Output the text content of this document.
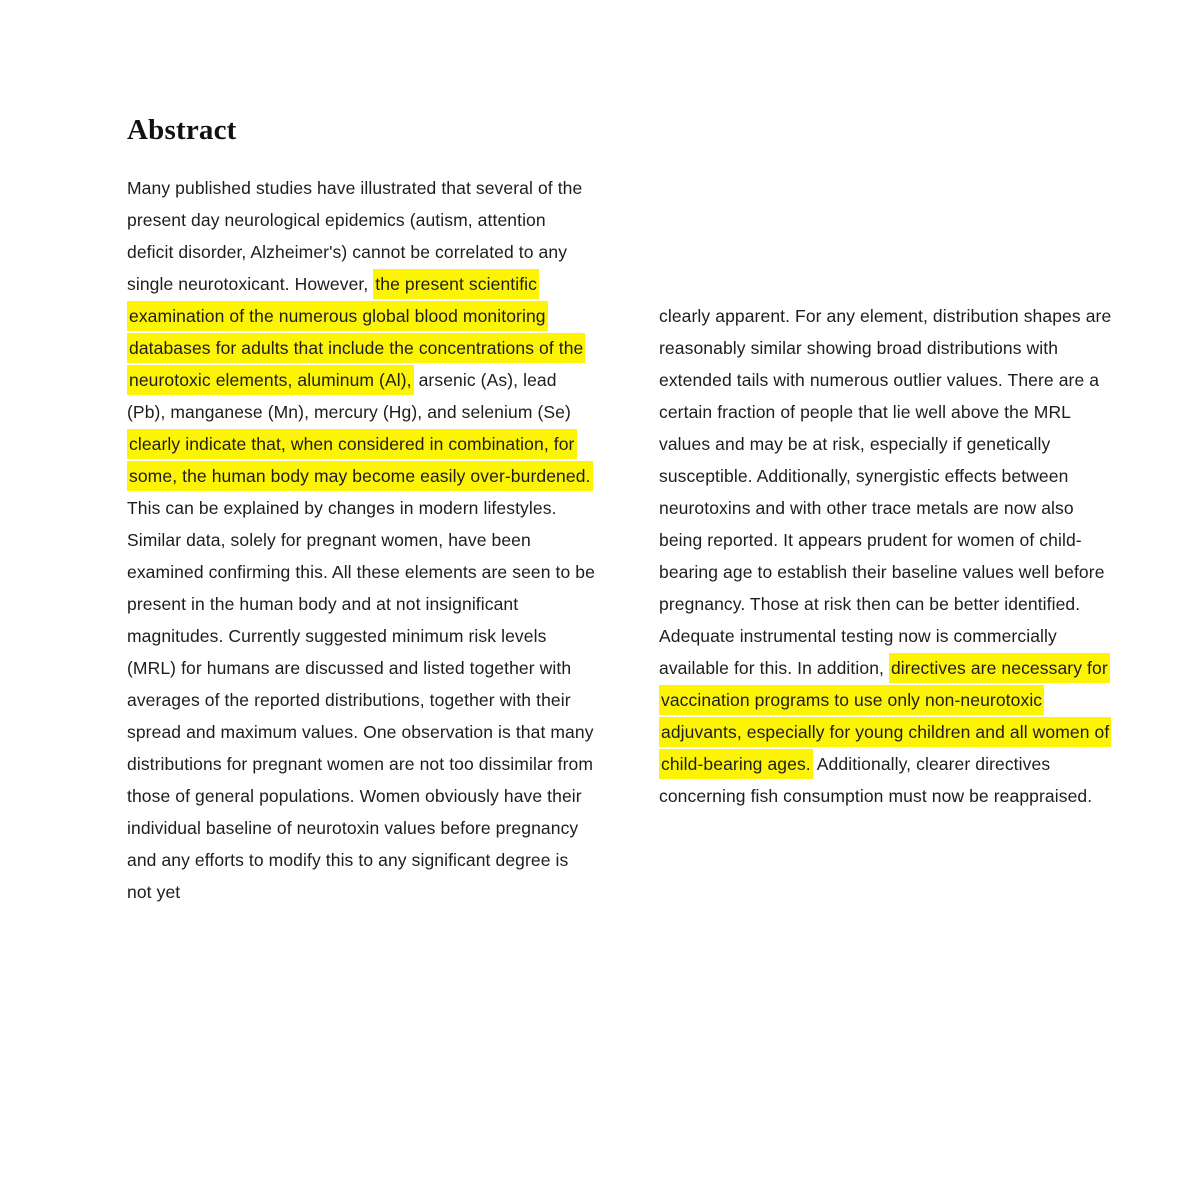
Abstract
Many published studies have illustrated that several of the present day neurological epidemics (autism, attention deficit disorder, Alzheimer's) cannot be correlated to any single neurotoxicant. However, the present scientific examination of the numerous global blood monitoring databases for adults that include the concentrations of the neurotoxic elements, aluminum (Al), arsenic (As), lead (Pb), manganese (Mn), mercury (Hg), and selenium (Se) clearly indicate that, when considered in combination, for some, the human body may become easily over-burdened. This can be explained by changes in modern lifestyles. Similar data, solely for pregnant women, have been examined confirming this. All these elements are seen to be present in the human body and at not insignificant magnitudes. Currently suggested minimum risk levels (MRL) for humans are discussed and listed together with averages of the reported distributions, together with their spread and maximum values. One observation is that many distributions for pregnant women are not too dissimilar from those of general populations. Women obviously have their individual baseline of neurotoxin values before pregnancy and any efforts to modify this to any significant degree is not yet
clearly apparent. For any element, distribution shapes are reasonably similar showing broad distributions with extended tails with numerous outlier values. There are a certain fraction of people that lie well above the MRL values and may be at risk, especially if genetically susceptible. Additionally, synergistic effects between neurotoxins and with other trace metals are now also being reported. It appears prudent for women of child-bearing age to establish their baseline values well before pregnancy. Those at risk then can be better identified. Adequate instrumental testing now is commercially available for this. In addition, directives are necessary for vaccination programs to use only non-neurotoxic adjuvants, especially for young children and all women of child-bearing ages. Additionally, clearer directives concerning fish consumption must now be reappraised.
